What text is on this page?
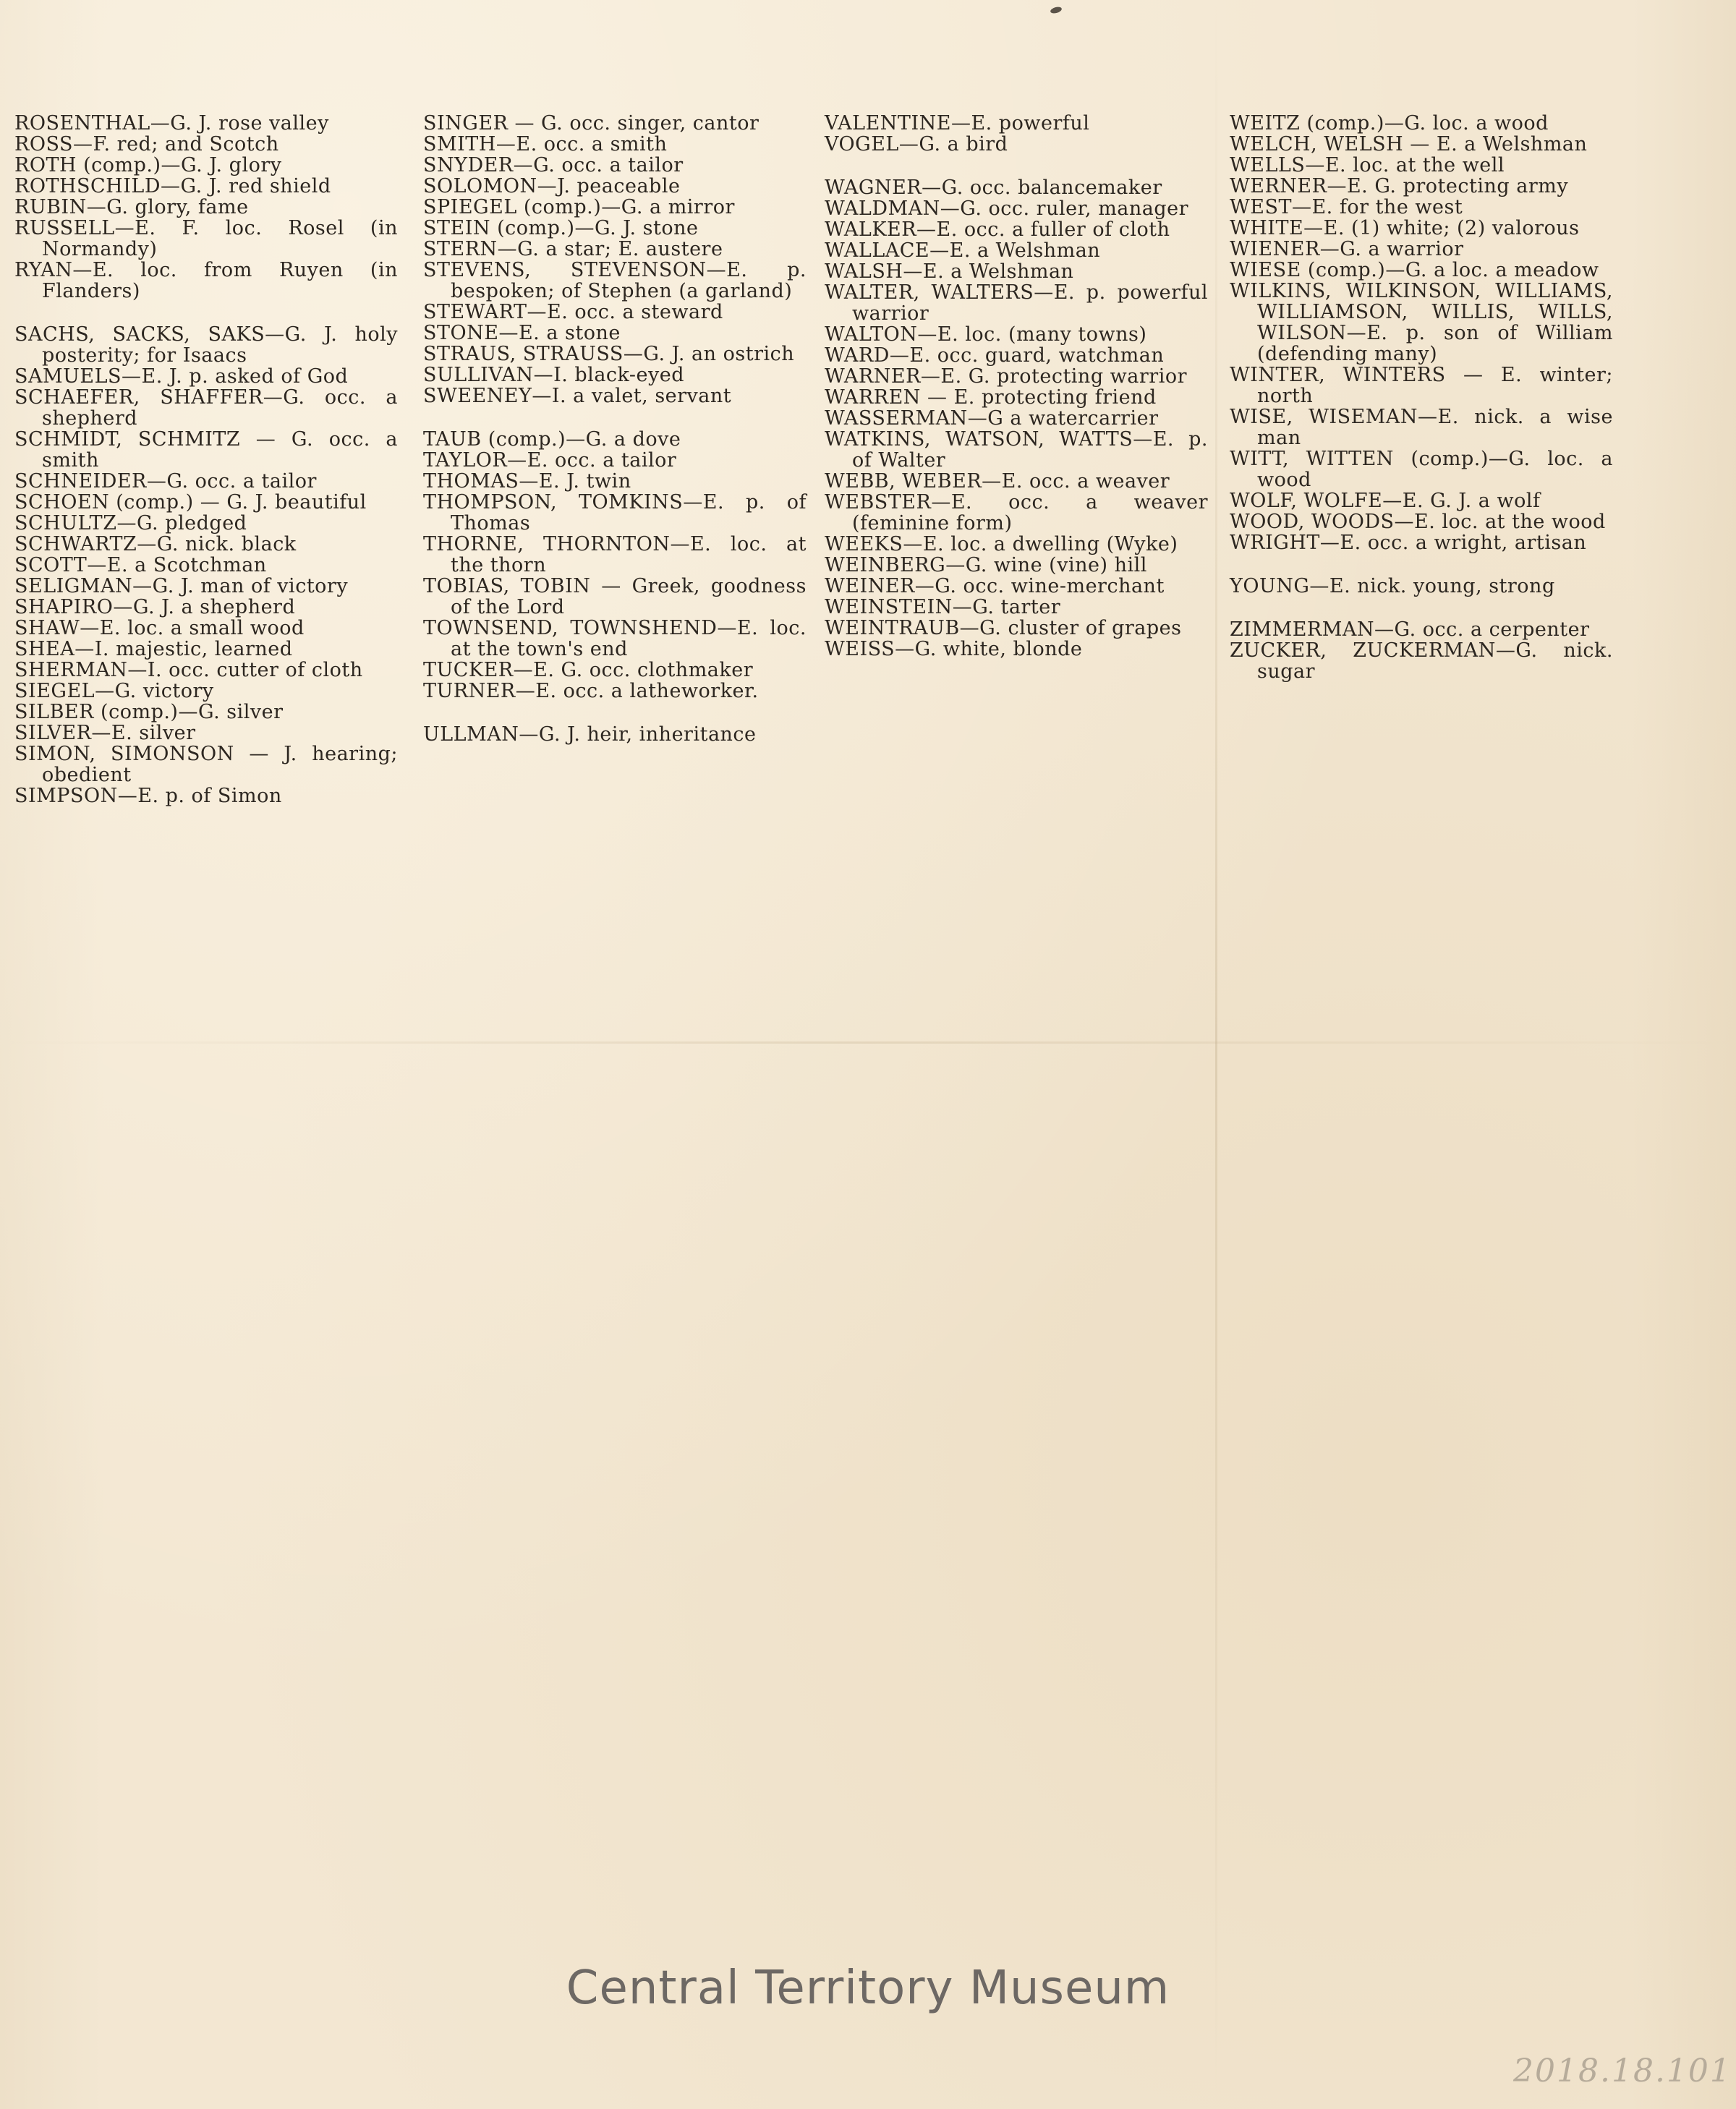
ROSENTHAL—G. J. rose valley

ROSS—F. red; and Scotch

ROTH (comp.)—G. J. glory

ROTHSCHILD—G. J. red shield

RUBIN—G. glory, fame

RUSSELL—E. F. loc. Rosel (in Normandy)

RYAN—E. loc. from Ruyen (in Flanders)

SACHS, SACKS, SAKS—G. J. holy posterity; for Isaacs

SAMUELS—E. J. p. asked of God

SCHAEFER, SHAFFER—G. occ. a shepherd

SCHMIDT, SCHMITZ — G. occ. a smith

SCHNEIDER—G. occ. a tailor

SCHOEN (comp.) — G. J. beautiful

SCHULTZ—G. pledged

SCHWARTZ—G. nick. black

SCOTT—E. a Scotchman

SELIGMAN—G. J. man of victory

SHAPIRO—G. J. a shepherd

SHAW—E. loc. a small wood

SHEA—I. majestic, learned

SHERMAN—I. occ. cutter of cloth

SIEGEL—G. victory

SILBER (comp.)—G. silver

SILVER—E. silver

SIMON, SIMONSON — J. hearing; obedient

SIMPSON—E. p. of Simon

SINGER — G. occ. singer, cantor

SMITH—E. occ. a smith

SNYDER—G. occ. a tailor

SOLOMON—J. peaceable

SPIEGEL (comp.)—G. a mirror

STEIN (comp.)—G. J. stone

STERN—G. a star; E. austere

STEVENS, STEVENSON—E. p. bespoken; of Stephen (a garland)

STEWART—E. occ. a steward

STONE—E. a stone

STRAUS, STRAUSS—G. J. an ostrich

SULLIVAN—I. black-eyed

SWEENEY—I. a valet, servant

TAUB (comp.)—G. a dove

TAYLOR—E. occ. a tailor

THOMAS—E. J. twin

THOMPSON, TOMKINS—E. p. of Thomas

THORNE, THORNTON—E. loc. at the thorn

TOBIAS, TOBIN — Greek, goodness of the Lord

TOWNSEND, TOWNSHEND—E. loc. at the town's end

TUCKER—E. G. occ. clothmaker

TURNER—E. occ. a latheworker.

ULLMAN—G. J. heir, inheritance

VALENTINE—E. powerful

VOGEL—G. a bird

WAGNER—G. occ. balancemaker

WALDMAN—G. occ. ruler, manager

WALKER—E. occ. a fuller of cloth

WALLACE—E. a Welshman

WALSH—E. a Welshman

WALTER, WALTERS—E. p. powerful warrior

WALTON—E. loc. (many towns)

WARD—E. occ. guard, watchman

WARNER—E. G. protecting warrior

WARREN — E. protecting friend

WASSERMAN—G a watercarrier

WATKINS, WATSON, WATTS—E. p. of Walter

WEBB, WEBER—E. occ. a weaver

WEBSTER—E. occ. a weaver (feminine form)

WEEKS—E. loc. a dwelling (Wyke)

WEINBERG—G. wine (vine) hill

WEINER—G. occ. wine-merchant

WEINSTEIN—G. tarter

WEINTRAUB—G. cluster of grapes

WEISS—G. white, blonde

WEITZ (comp.)—G. loc. a wood

WELCH, WELSH — E. a Welshman

WELLS—E. loc. at the well

WERNER—E. G. protecting army

WEST—E. for the west

WHITE—E. (1) white; (2) valorous

WIENER—G. a warrior

WIESE (comp.)—G. a loc. a meadow

WILKINS, WILKINSON, WILLIAMS, WILLIAMSON, WILLIS, WILLS, WILSON—E. p. son of William (defending many)

WINTER, WINTERS — E. winter; north

WISE, WISEMAN—E. nick. a wise man

WITT, WITTEN (comp.)—G. loc. a wood

WOLF, WOLFE—E. G. J. a wolf

WOOD, WOODS—E. loc. at the wood

WRIGHT—E. occ. a wright, artisan

YOUNG—E. nick. young, strong

ZIMMERMAN—G. occ. a cerpenter

ZUCKER, ZUCKERMAN—G. nick. sugar

Central Territory Museum
2018.18.101
